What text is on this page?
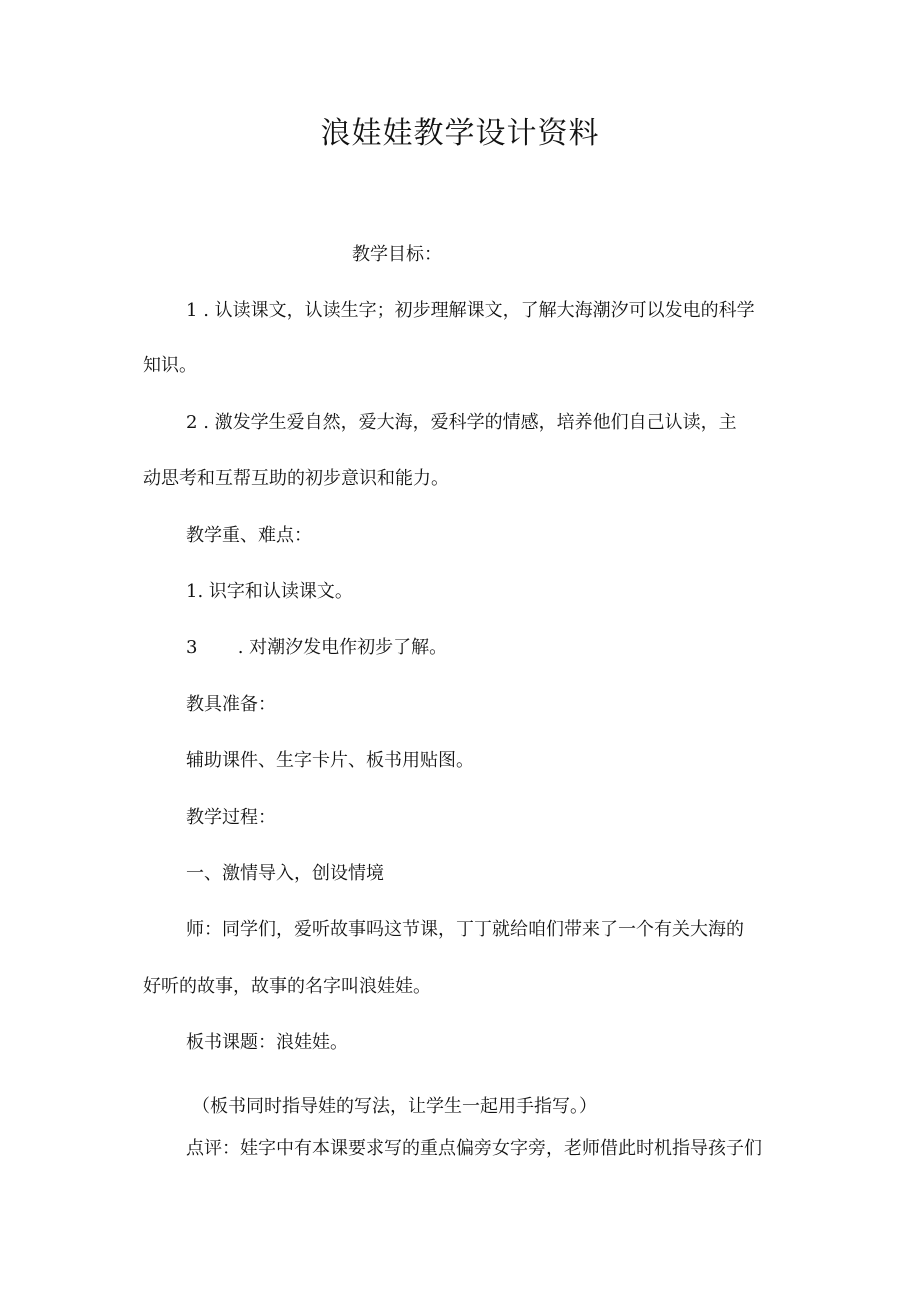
浪娃娃教学设计资料

教学目标：

1 . 认读课文，认读生字；初步理解课文，了解大海潮汐可以发电的科学

知识。

2 . 激发学生爱自然，爱大海，爱科学的情感，培养他们自己认读，主

动思考和互帮互助的初步意识和能力。

教学重、难点：

1. 识字和认读课文。

3 . 对潮汐发电作初步了解。

教具准备：

辅助课件、生字卡片、板书用贴图。

教学过程：

一、激情导入，创设情境

师：同学们，爱听故事吗这节课，丁丁就给咱们带来了一个有关大海的

好听的故事，故事的名字叫浪娃娃。

板书课题：浪娃娃。

（板书同时指导娃的写法，让学生一起用手指写。）

点评：娃字中有本课要求写的重点偏旁女字旁，老师借此时机指导孩子们
